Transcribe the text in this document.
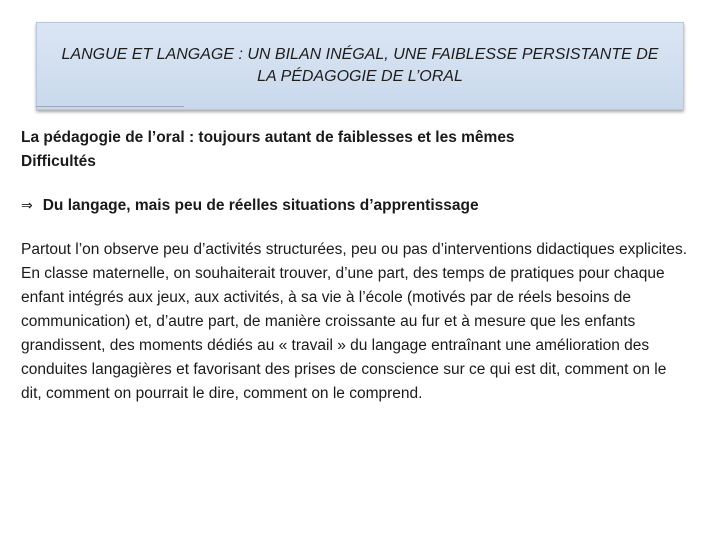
LANGUE ET LANGAGE : UN BILAN INÉGAL, UNE FAIBLESSE PERSISTANTE DE
LA PÉDAGOGIE DE L’ORAL
La pédagogie de l’oral : toujours autant de faiblesses et les mêmes
Difficultés
⇒ Du langage, mais peu de réelles situations d’apprentissage

Partout l’on observe peu d’activités structurées, peu ou pas d’interventions didactiques explicites.

En classe maternelle, on souhaiterait trouver, d’une part, des temps de pratiques pour chaque enfant intégrés aux jeux, aux activités, à sa vie à l’école (motivés par de réels besoins de communication) et, d’autre part, de manière croissante au fur et à mesure que les enfants grandissent, des moments dédiés au « travail » du langage entraînant une amélioration des conduites langagières et favorisant des prises de conscience sur ce qui est dit, comment on le dit, comment on pourrait le dire, comment on le comprend.
